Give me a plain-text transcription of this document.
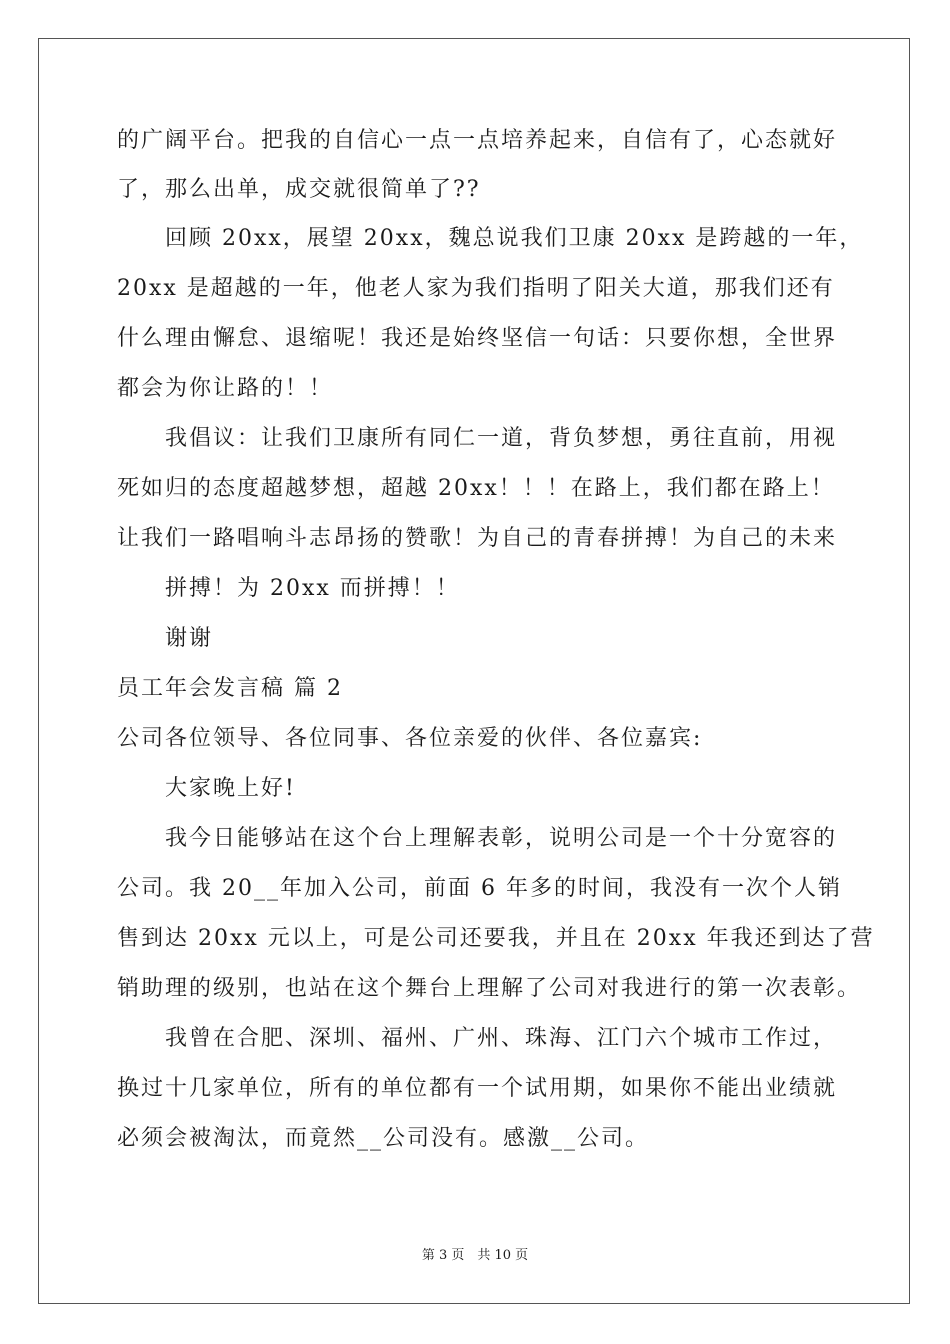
的广阔平台。把我的自信心一点一点培养起来，自信有了，心态就好
了，那么出单，成交就很简单了??
回顾 20xx，展望 20xx，魏总说我们卫康 20xx 是跨越的一年，
20xx 是超越的一年，他老人家为我们指明了阳关大道，那我们还有
什么理由懈怠、退缩呢！我还是始终坚信一句话：只要你想，全世界
都会为你让路的！！
我倡议：让我们卫康所有同仁一道，背负梦想，勇往直前，用视
死如归的态度超越梦想，超越 20xx！！！在路上，我们都在路上！
让我们一路唱响斗志昂扬的赞歌！为自己的青春拼搏！为自己的未来
拼搏！为 20xx 而拼搏！！
谢谢
员工年会发言稿 篇 2
公司各位领导、各位同事、各位亲爱的伙伴、各位嘉宾:
大家晚上好!
我今日能够站在这个台上理解表彰，说明公司是一个十分宽容的
公司。我 20__年加入公司，前面 6 年多的时间，我没有一次个人销
售到达 20xx 元以上，可是公司还要我，并且在 20xx 年我还到达了营
销助理的级别，也站在这个舞台上理解了公司对我进行的第一次表彰。
我曾在合肥、深圳、福州、广州、珠海、江门六个城市工作过，
换过十几家单位，所有的单位都有一个试用期，如果你不能出业绩就
必须会被淘汰，而竟然__公司没有。感激__公司。
第 3 页　共 10 页
